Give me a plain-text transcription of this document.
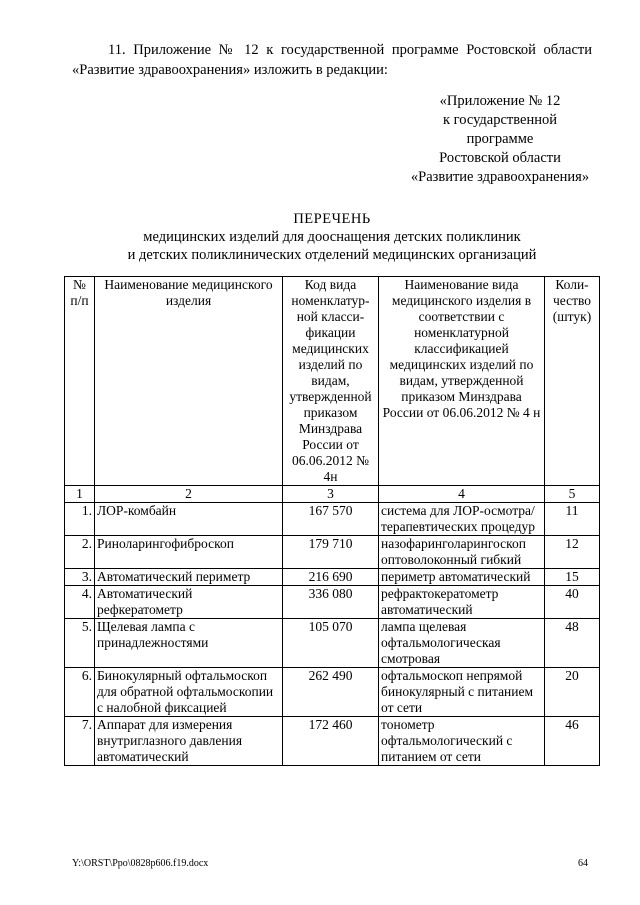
11. Приложение № 12 к государственной программе Ростовской области «Развитие здравоохранения» изложить в редакции:
«Приложение № 12
к государственной
программе
Ростовской области
«Развитие здравоохранения»
ПЕРЕЧЕНЬ
медицинских изделий для дооснащения детских поликлиник
и детских поликлинических отделений медицинских организаций
№ п/п	Наименование медицинского изделия	Код вида номенклатур-ной класси-фикации медицинских изделий по видам, утвержденной приказом Минздрава России от 06.06.2012 № 4н	Наименование вида медицинского изделия в соответствии с номенклатурной классификацией медицинских изделий по видам, утвержденной приказом Минздрава России от 06.06.2012 № 4 н	Коли-чество (штук)
1	2	3	4	5
1.	ЛОР-комбайн	167 570	система для ЛОР-осмотра/терапевтических процедур	11
2.	Риноларингофиброскоп	179 710	назофаринголарингоскоп оптоволоконный гибкий	12
3.	Автоматический периметр	216 690	периметр автоматический	15
4.	Автоматический рефкератометр	336 080	рефрактокератометр автоматический	40
5.	Щелевая лампа с принадлежностями	105 070	лампа щелевая офтальмологическая смотровая	48
6.	Бинокулярный офтальмоскоп для обратной офтальмоскопии с налобной фиксацией	262 490	офтальмоскоп непрямой бинокулярный с питанием от сети	20
7.	Аппарат для измерения внутриглазного давления автоматический	172 460	тонометр офтальмологический с питанием от сети	46
Y:\ORST\Ppo\0828p606.f19.docx	64
